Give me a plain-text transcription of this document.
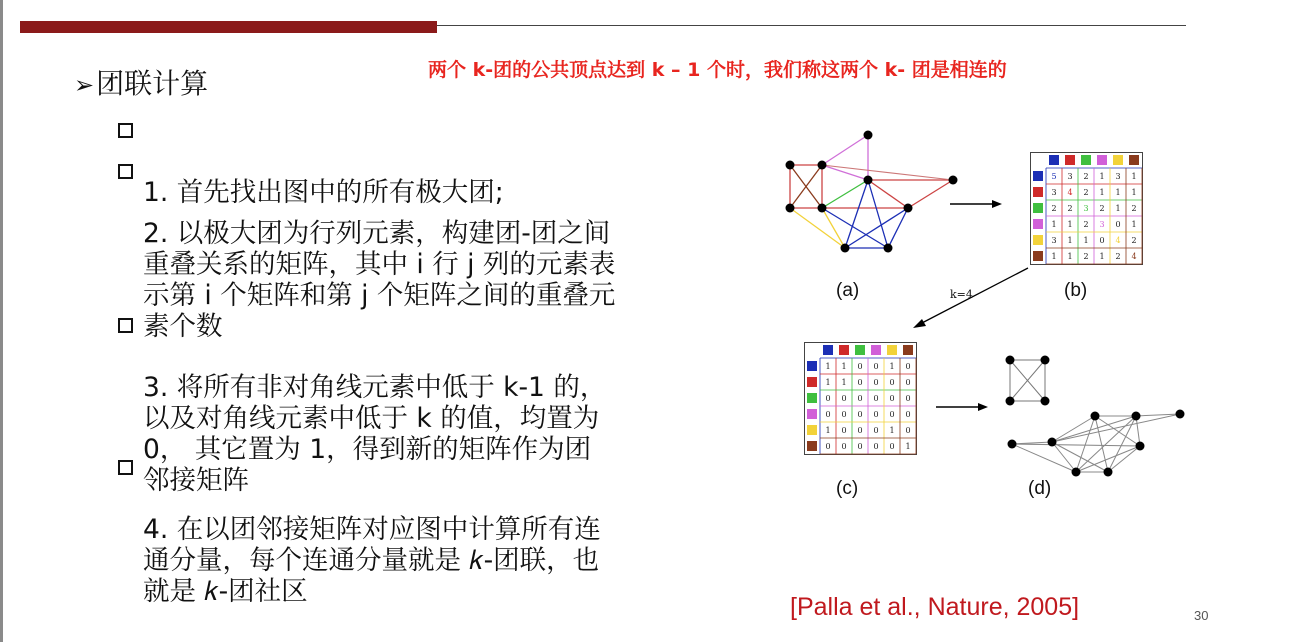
两个 k-团的公共顶点达到 k – 1 个时，我们称这两个 k- 团是相连的
➢团联计算

1. 首先找出图中的所有极大团;

2. 以极大团为行列元素，构建团-团之间
重叠关系的矩阵，其中 i 行 j 列的元素表
示第 i 个矩阵和第 j 个矩阵之间的重叠元
素个数

3. 将所有非对角线元素中低于 k-1 的，
以及对角线元素中低于 k 的值，均置为
0， 其它置为 1，得到新的矩阵作为团
邻接矩阵

4. 在以团邻接矩阵对应图中计算所有连
通分量，每个连通分量就是 𝑘-团联，也
就是 𝑘-团社区

(a)	(b)
(c)	(d)
k=4
5 3 2 1 3 1
3 4 2 1 1 1
2 2 3 2 1 2
1 1 2 3 0 1
3 1 1 0 4 2
1 1 2 1 2 4
1 1 0 0 1 0
1 1 0 0 0 0
0 0 0 0 0 0
0 0 0 0 0 0
1 0 0 0 1 0
0 0 0 0 0 1
[Palla et al., Nature, 2005]	30
